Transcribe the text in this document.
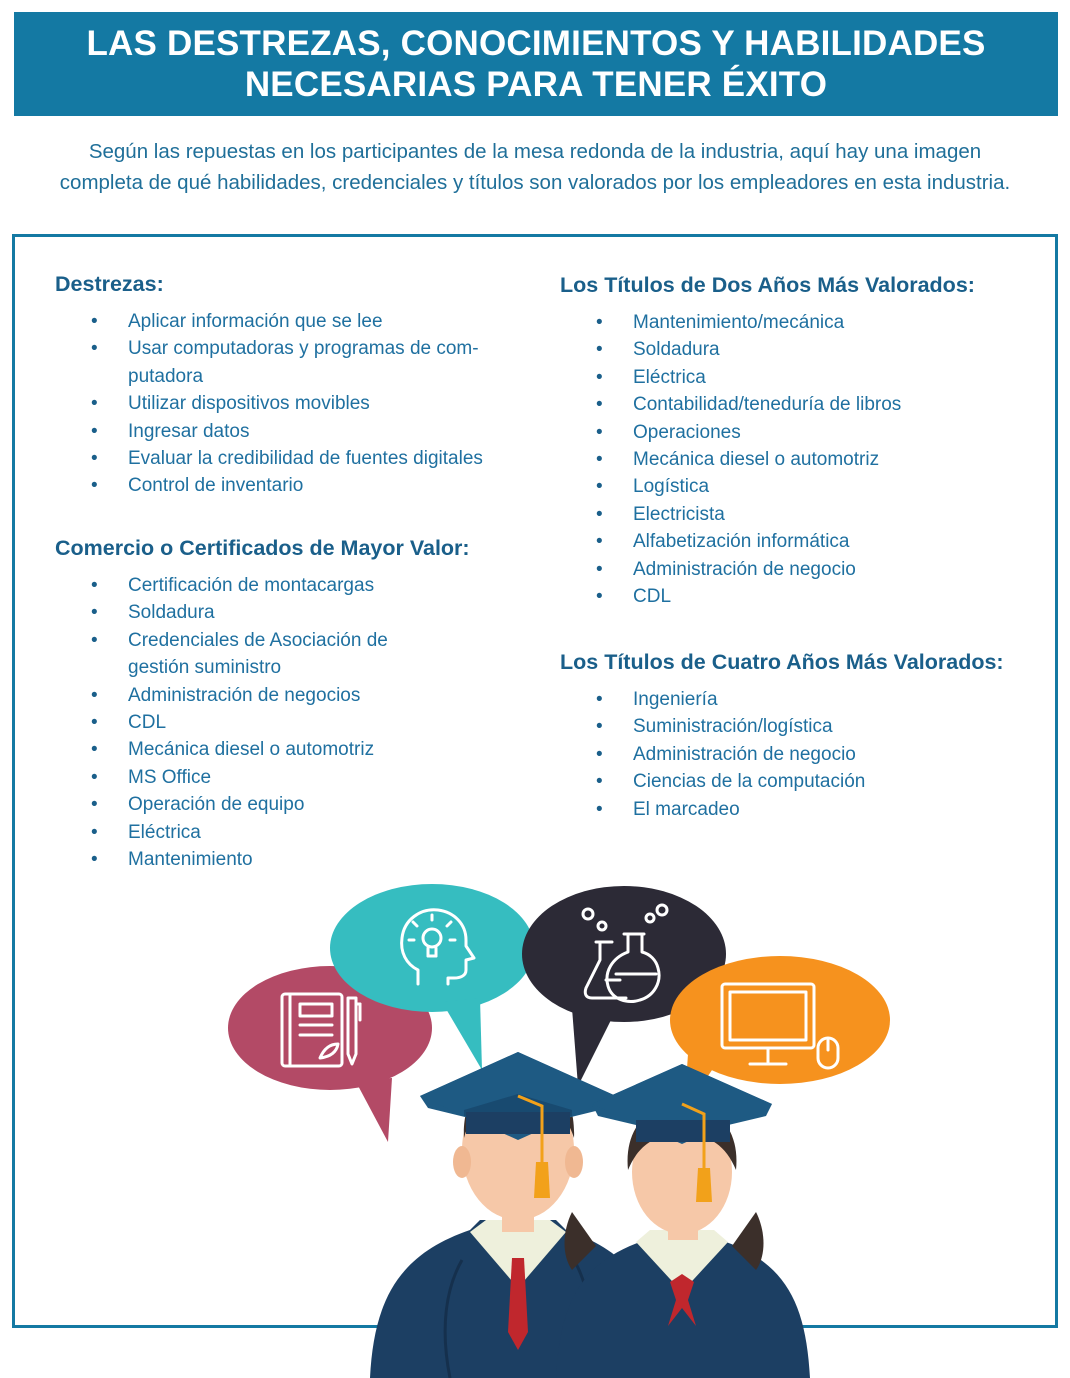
LAS DESTREZAS, CONOCIMIENTOS Y HABILIDADES
NECESARIAS PARA TENER ÉXITO
Según las repuestas en los participantes de la mesa redonda de la industria, aquí hay una imagen
completa de qué habilidades, credenciales y títulos son valorados por los empleadores en esta industria.
Destrezas:
• Aplicar información que se lee
• Usar computadoras y programas de com-
putadora
• Utilizar dispositivos movibles
• Ingresar datos
• Evaluar la credibilidad de fuentes digitales
• Control de inventario
Comercio o Certificados de Mayor Valor:
• Certificación de montacargas
• Soldadura
• Credenciales de Asociación de
gestión suministro
• Administración de negocios
• CDL
• Mecánica diesel o automotriz
• MS Office
• Operación de equipo
• Eléctrica
• Mantenimiento
Los Títulos de Dos Años Más Valorados:
• Mantenimiento/mecánica
• Soldadura
• Eléctrica
• Contabilidad/teneduría de libros
• Operaciones
• Mecánica diesel o automotriz
• Logística
• Electricista
• Alfabetización informática
• Administración de negocio
• CDL
Los Títulos de Cuatro Años Más Valorados:
• Ingeniería
• Suministración/logística
• Administración de negocio
• Ciencias de la computación
• El marcadeo
